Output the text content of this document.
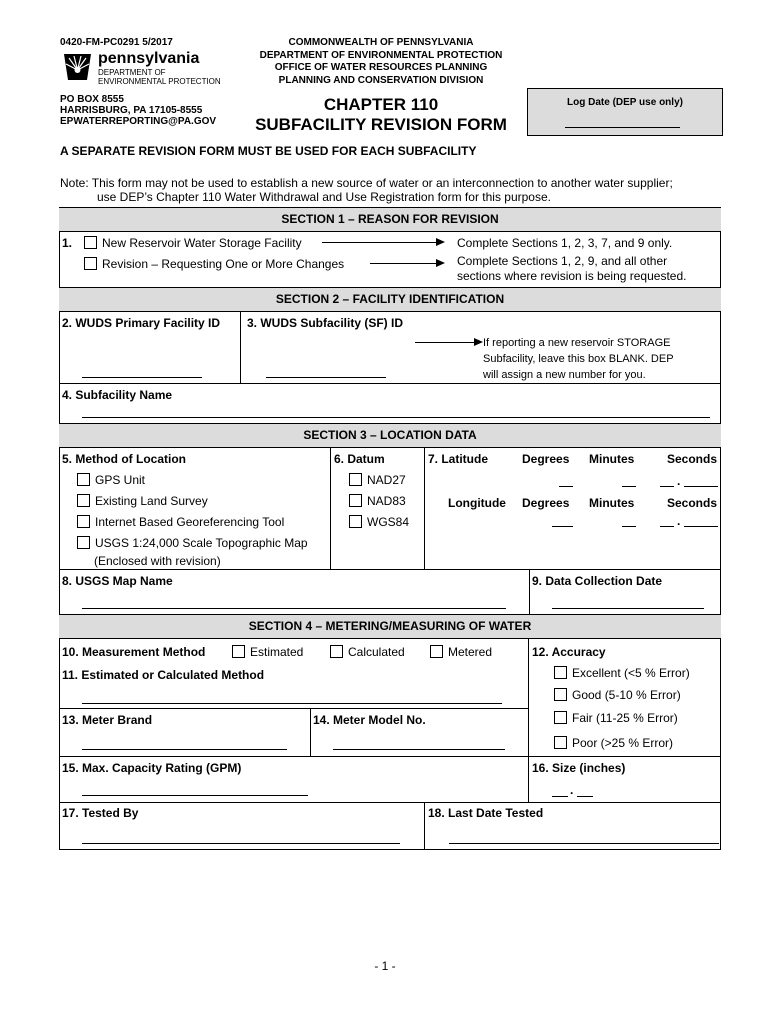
0420-FM-PC0291 5/2017
pennsylvania
DEPARTMENT OF ENVIRONMENTAL PROTECTION
PO BOX 8555
HARRISBURG, PA 17105-8555
EPWATERREPORTING@PA.GOV
COMMONWEALTH OF PENNSYLVANIA
DEPARTMENT OF ENVIRONMENTAL PROTECTION
OFFICE OF WATER RESOURCES PLANNING
PLANNING AND CONSERVATION DIVISION
CHAPTER 110
SUBFACILITY REVISION FORM
Log Date (DEP use only)
A SEPARATE REVISION FORM MUST BE USED FOR EACH SUBFACILITY
Note: This form may not be used to establish a new source of water or an interconnection to another water supplier;
use DEP’s Chapter 110 Water Withdrawal and Use Registration form for this purpose.
SECTION 1 – REASON FOR REVISION
1.	New Reservoir Water Storage Facility	Complete Sections 1, 2, 3, 7, and 9 only.
Revision – Requesting One or More Changes	Complete Sections 1, 2, 9, and all other
sections where revision is being requested.
SECTION 2 – FACILITY IDENTIFICATION
2. WUDS Primary Facility ID 3. WUDS Subfacility (SF) ID
If reporting a new reservoir STORAGE
Subfacility, leave this box BLANK. DEP
will assign a new number for you.
4. Subfacility Name
SECTION 3 – LOCATION DATA
5. Method of Location
GPS Unit
Existing Land Survey
Internet Based Georeferencing Tool
USGS 1:24,000 Scale Topographic Map
(Enclosed with revision)
6. Datum
NAD27
NAD83
WGS84
7. Latitude	Degrees Minutes	Seconds
.
Longitude Degrees Minutes	Seconds
.
8. USGS Map Name	9. Data Collection Date
SECTION 4 – METERING/MEASURING OF WATER
10. Measurement Method	Estimated	Calculated	Metered
11. Estimated or Calculated Method
12. Accuracy
Excellent (<5 % Error)
Good (5-10 % Error)
Fair (11-25 % Error)
Poor (>25 % Error)
13. Meter Brand	14. Meter Model No.
15. Max. Capacity Rating (GPM)	16. Size (inches)
.
17. Tested By	18. Last Date Tested
- 1 -
